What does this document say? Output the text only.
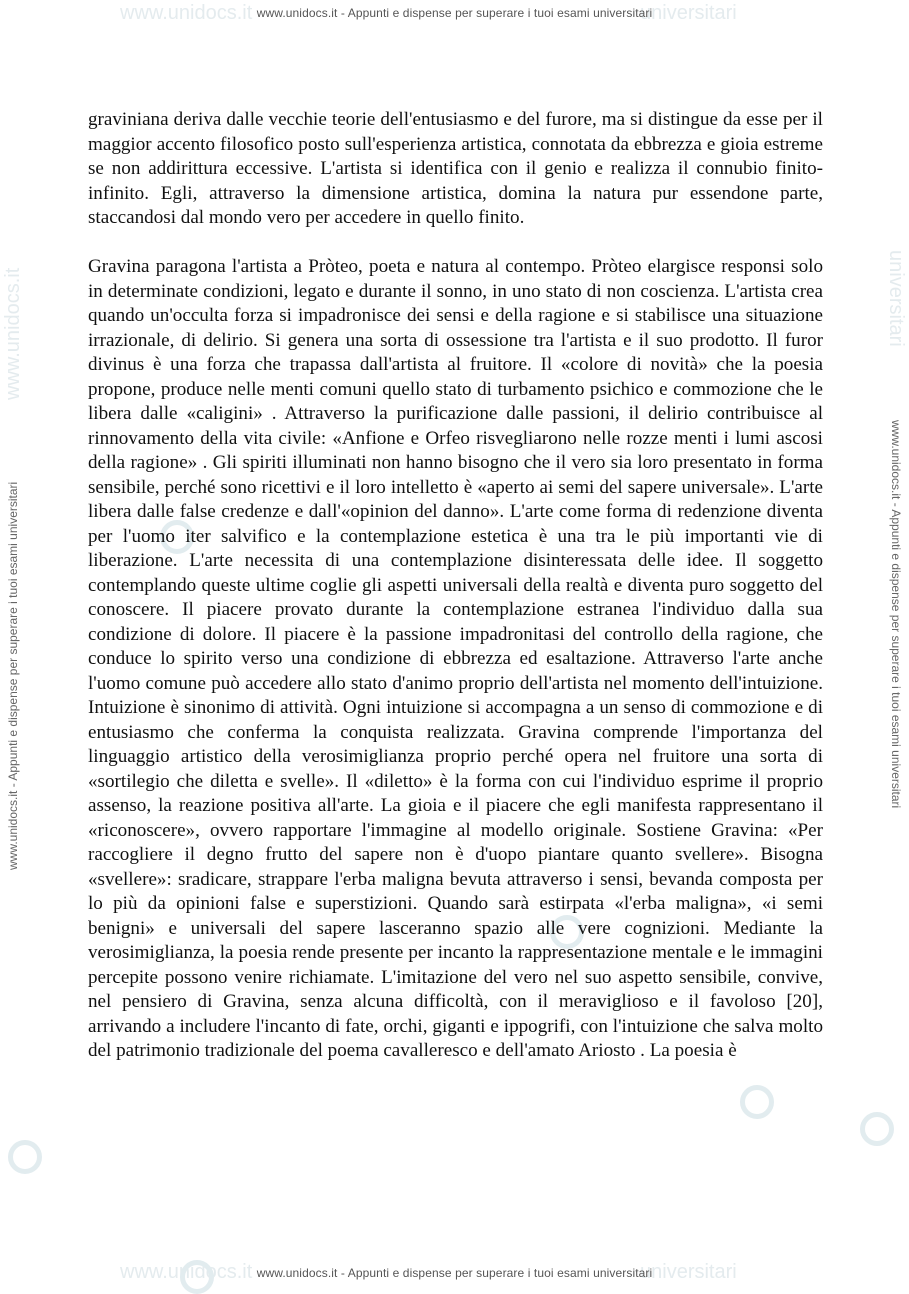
www.unidocs.it	universitari
www.unidocs.it	universitari
www.unidocs.it - Appunti e dispense per superare i tuoi esami universitari
www.unidocs.it
www.unidocs.it - Appunti e dispense per superare i tuoi esami universitari
universitari
www.unidocs.it - Appunti e dispense per superare i tuoi esami universitari

graviniana deriva dalle vecchie teorie dell'entusiasmo e del furore, ma si distingue da esse per il maggior accento filosofico posto sull'esperienza artistica, connotata da ebbrezza e gioia estreme se non addirittura eccessive. L'artista si identifica con il genio e realizza il connubio finito-infinito. Egli, attraverso la dimensione artistica, domina la natura pur essendone parte, staccandosi dal mondo vero per accedere in quello finito.

Gravina paragona l'artista a Pròteo, poeta e natura al contempo. Pròteo elargisce responsi solo in determinate condizioni, legato e durante il sonno, in uno stato di non coscienza. L'artista crea quando un'occulta forza si impadronisce dei sensi e della ragione e si stabilisce una situazione irrazionale, di delirio. Si genera una sorta di ossessione tra l'artista e il suo prodotto. Il furor divinus è una forza che trapassa dall'artista al fruitore. Il «colore di novità» che la poesia propone, produce nelle menti comuni quello stato di turbamento psichico e commozione che le libera dalle «caligini» . Attraverso la purificazione dalle passioni, il delirio contribuisce al rinnovamento della vita civile: «Anfione e Orfeo risvegliarono nelle rozze menti i lumi ascosi della ragione» . Gli spiriti illuminati non hanno bisogno che il vero sia loro presentato in forma sensibile, perché sono ricettivi e il loro intelletto è «aperto ai semi del sapere universale». L'arte libera dalle false credenze e dall'«opinion del danno». L'arte come forma di redenzione diventa per l'uomo iter salvifico e la contemplazione estetica è una tra le più importanti vie di liberazione. L'arte necessita di una contemplazione disinteressata delle idee. Il soggetto contemplando queste ultime coglie gli aspetti universali della realtà e diventa puro soggetto del conoscere. Il piacere provato durante la contemplazione estranea l'individuo dalla sua condizione di dolore. Il piacere è la passione impadronitasi del controllo della ragione, che conduce lo spirito verso una condizione di ebbrezza ed esaltazione. Attraverso l'arte anche l'uomo comune può accedere allo stato d'animo proprio dell'artista nel momento dell'intuizione. Intuizione è sinonimo di attività. Ogni intuizione si accompagna a un senso di commozione e di entusiasmo che conferma la conquista realizzata. Gravina comprende l'importanza del linguaggio artistico della verosimiglianza proprio perché opera nel fruitore una sorta di «sortilegio che diletta e svelle». Il «diletto» è la forma con cui l'individuo esprime il proprio assenso, la reazione positiva all'arte. La gioia e il piacere che egli manifesta rappresentano il «riconoscere», ovvero rapportare l'immagine al modello originale. Sostiene Gravina: «Per raccogliere il degno frutto del sapere non è d'uopo piantare quanto svellere». Bisogna «svellere»: sradicare, strappare l'erba maligna bevuta attraverso i sensi, bevanda composta per lo più da opinioni false e superstizioni. Quando sarà estirpata «l'erba maligna», «i semi benigni» e universali del sapere lasceranno spazio alle vere cognizioni. Mediante la verosimiglianza, la poesia rende presente per incanto la rappresentazione mentale e le immagini percepite possono venire richiamate. L'imitazione del vero nel suo aspetto sensibile, convive, nel pensiero di Gravina, senza alcuna difficoltà, con il meraviglioso e il favoloso [20], arrivando a includere l'incanto di fate, orchi, giganti e ippogrifi, con l'intuizione che salva molto del patrimonio tradizionale del poema cavalleresco e dell'amato Ariosto . La poesia è

www.unidocs.it - Appunti e dispense per superare i tuoi esami universitari
